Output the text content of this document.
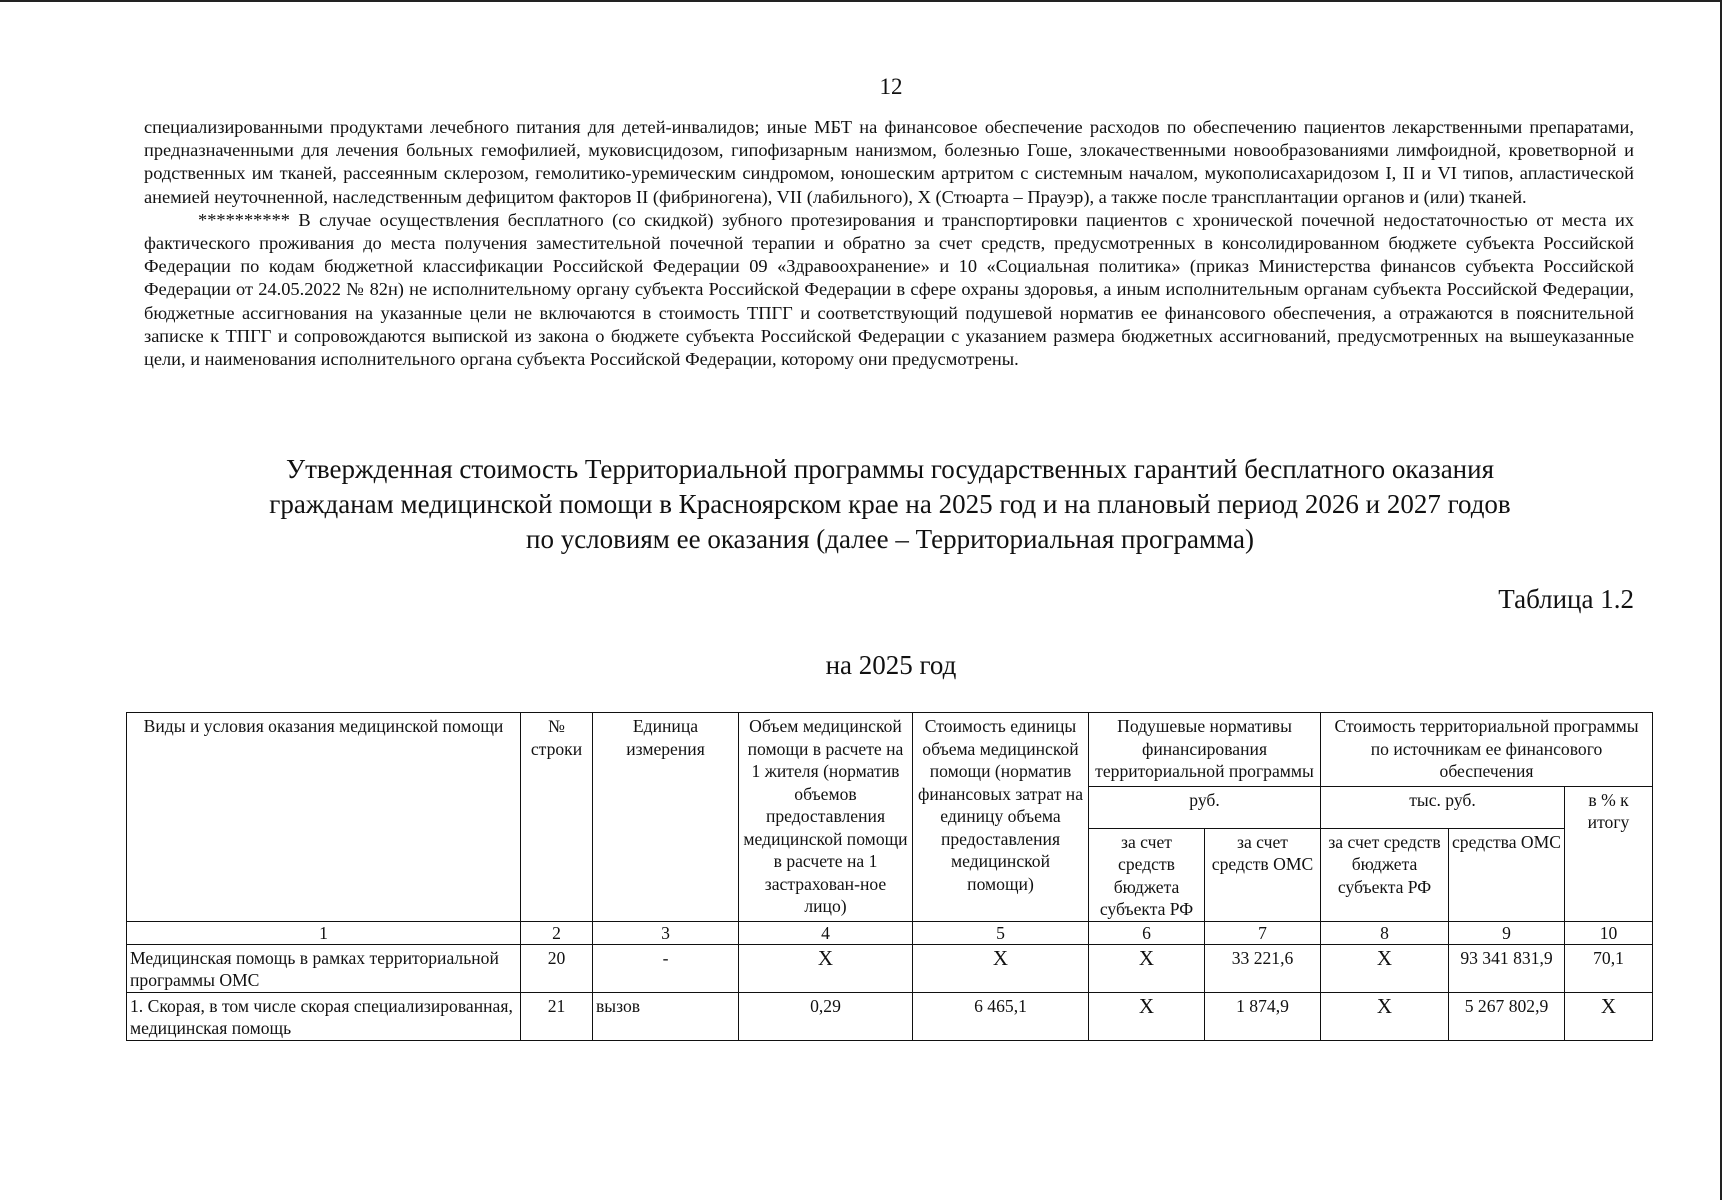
12

специализированными продуктами лечебного питания для детей-инвалидов; иные МБТ на финансовое обеспечение расходов по обеспечению пациентов лекарственными препаратами, предназначенными для лечения больных гемофилией, муковисцидозом, гипофизарным нанизмом, болезнью Гоше, злокачественными новообразованиями лимфоидной, кроветворной и родственных им тканей, рассеянным склерозом, гемолитико-уремическим синдромом, юношеским артритом с системным началом, мукополисахаридозом I, II и VI типов, апластической анемией неуточненной, наследственным дефицитом факторов II (фибриногена), VII (лабильного), X (Стюарта – Прауэр), а также после трансплантации органов и (или) тканей.

********** В случае осуществления бесплатного (со скидкой) зубного протезирования и транспортировки пациентов с хронической почечной недостаточностью от места их фактического проживания до места получения заместительной почечной терапии и обратно за счет средств, предусмотренных в консолидированном бюджете субъекта Российской Федерации по кодам бюджетной классификации Российской Федерации 09 «Здравоохранение» и 10 «Социальная политика» (приказ Министерства финансов субъекта Российской Федерации от 24.05.2022 № 82н) не исполнительному органу субъекта Российской Федерации в сфере охраны здоровья, а иным исполнительным органам субъекта Российской Федерации, бюджетные ассигнования на указанные цели не включаются в стоимость ТПГГ и соответствующий подушевой норматив ее финансового обеспечения, а отражаются в пояснительной записке к ТПГГ и сопровождаются выпиской из закона о бюджете субъекта Российской Федерации с указанием размера бюджетных ассигнований, предусмотренных на вышеуказанные цели, и наименования исполнительного органа субъекта Российской Федерации, которому они предусмотрены.

Утвержденная стоимость Территориальной программы государственных гарантий бесплатного оказания
гражданам медицинской помощи в Красноярском крае на 2025 год и на плановый период 2026 и 2027 годов
по условиям ее оказания (далее – Территориальная программа)
Таблица 1.2
на 2025 год
Виды и условия оказания медицинской помощи	№ строки	Единица измерения	Объем медицинской помощи в расчете на 1 жителя (норматив объемов предоставления медицинской помощи в расчете на 1 застрахован-ное лицо)	Стоимость единицы объема медицинской помощи (норматив финансовых затрат на единицу объема предоставления медицинской помощи)	Подушевые нормативы финансирования территориальной программы		Стоимость территориальной программы по источникам ее финансового обеспечения		
					руб.		тыс. руб.		в % к итогу
					за счет средств бюджета субъекта РФ	за счет средств ОМС	за счет средств бюджета субъекта РФ	средства ОМС	
1	2	3	4	5	6	7	8	9	10
Медицинская помощь в рамках территориальной программы ОМС	20	-	X	X	X	33 221,6	X	93 341 831,9	70,1
1. Скорая, в том числе скорая специализированная, медицинская помощь	21	вызов	0,29	6 465,1	X	1 874,9	X	5 267 802,9	X
